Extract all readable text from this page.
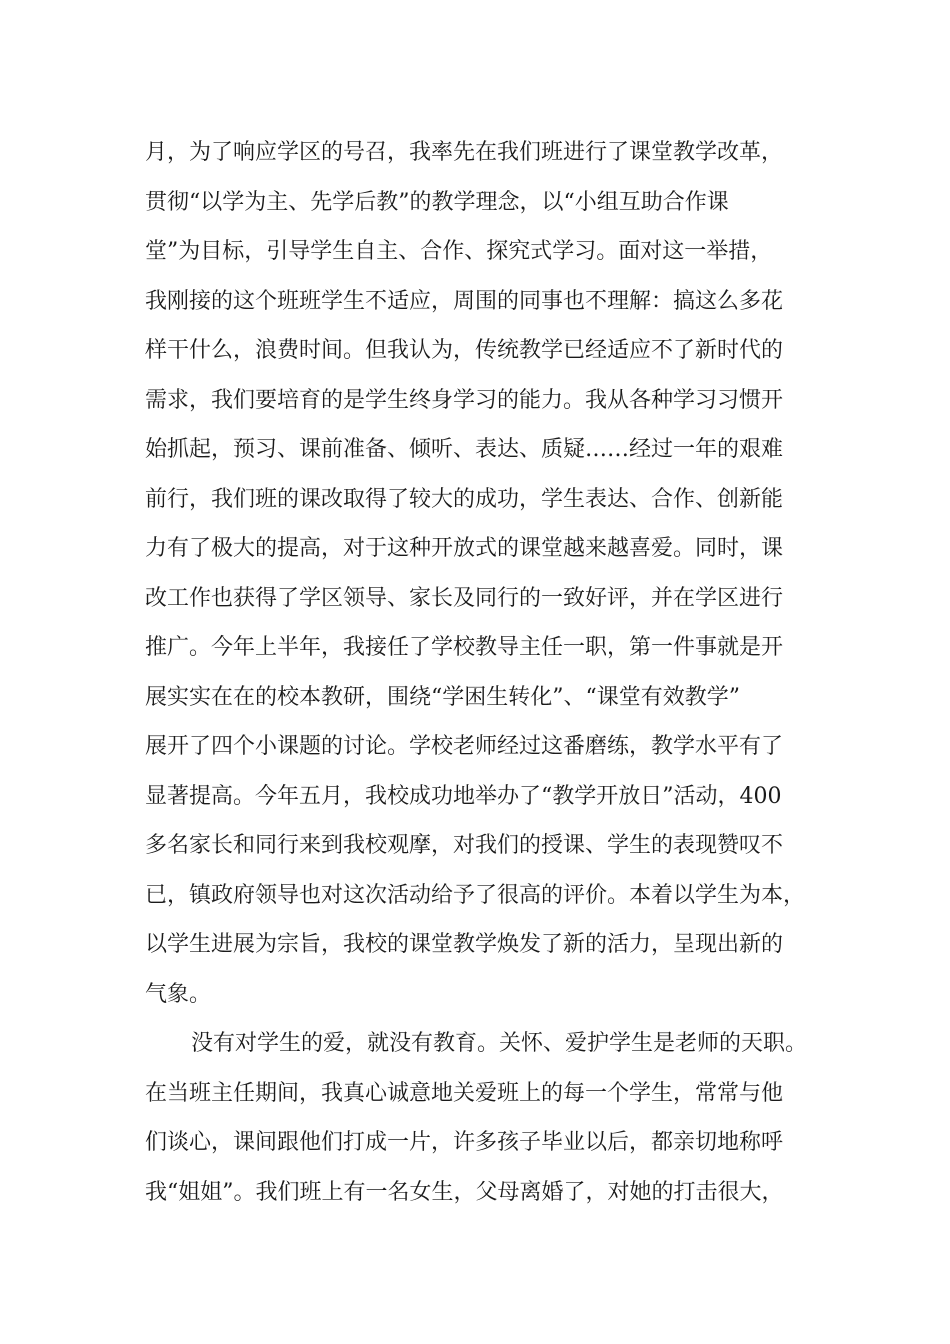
月，为了响应学区的号召，我率先在我们班进行了课堂教学改革，
贯彻“以学为主、先学后教”的教学理念，以“小组互助合作课
堂”为目标，引导学生自主、合作、探究式学习。面对这一举措，
我刚接的这个班班学生不适应，周围的同事也不理解：搞这么多花
样干什么，浪费时间。但我认为，传统教学已经适应不了新时代的
需求，我们要培育的是学生终身学习的能力。我从各种学习习惯开
始抓起，预习、课前准备、倾听、表达、质疑……经过一年的艰难
前行，我们班的课改取得了较大的成功，学生表达、合作、创新能
力有了极大的提高，对于这种开放式的课堂越来越喜爱。同时，课
改工作也获得了学区领导、家长及同行的一致好评，并在学区进行
推广。今年上半年，我接任了学校教导主任一职，第一件事就是开
展实实在在的校本教研，围绕“学困生转化”、“课堂有效教学”
展开了四个小课题的讨论。学校老师经过这番磨练，教学水平有了
显著提高。今年五月，我校成功地举办了“教学开放日”活动，400
多名家长和同行来到我校观摩，对我们的授课、学生的表现赞叹不
已，镇政府领导也对这次活动给予了很高的评价。本着以学生为本，
以学生进展为宗旨，我校的课堂教学焕发了新的活力，呈现出新的
气象。
没有对学生的爱，就没有教育。关怀、爱护学生是老师的天职。
在当班主任期间，我真心诚意地关爱班上的每一个学生，常常与他
们谈心，课间跟他们打成一片，许多孩子毕业以后，都亲切地称呼
我“姐姐”。我们班上有一名女生，父母离婚了，对她的打击很大，
